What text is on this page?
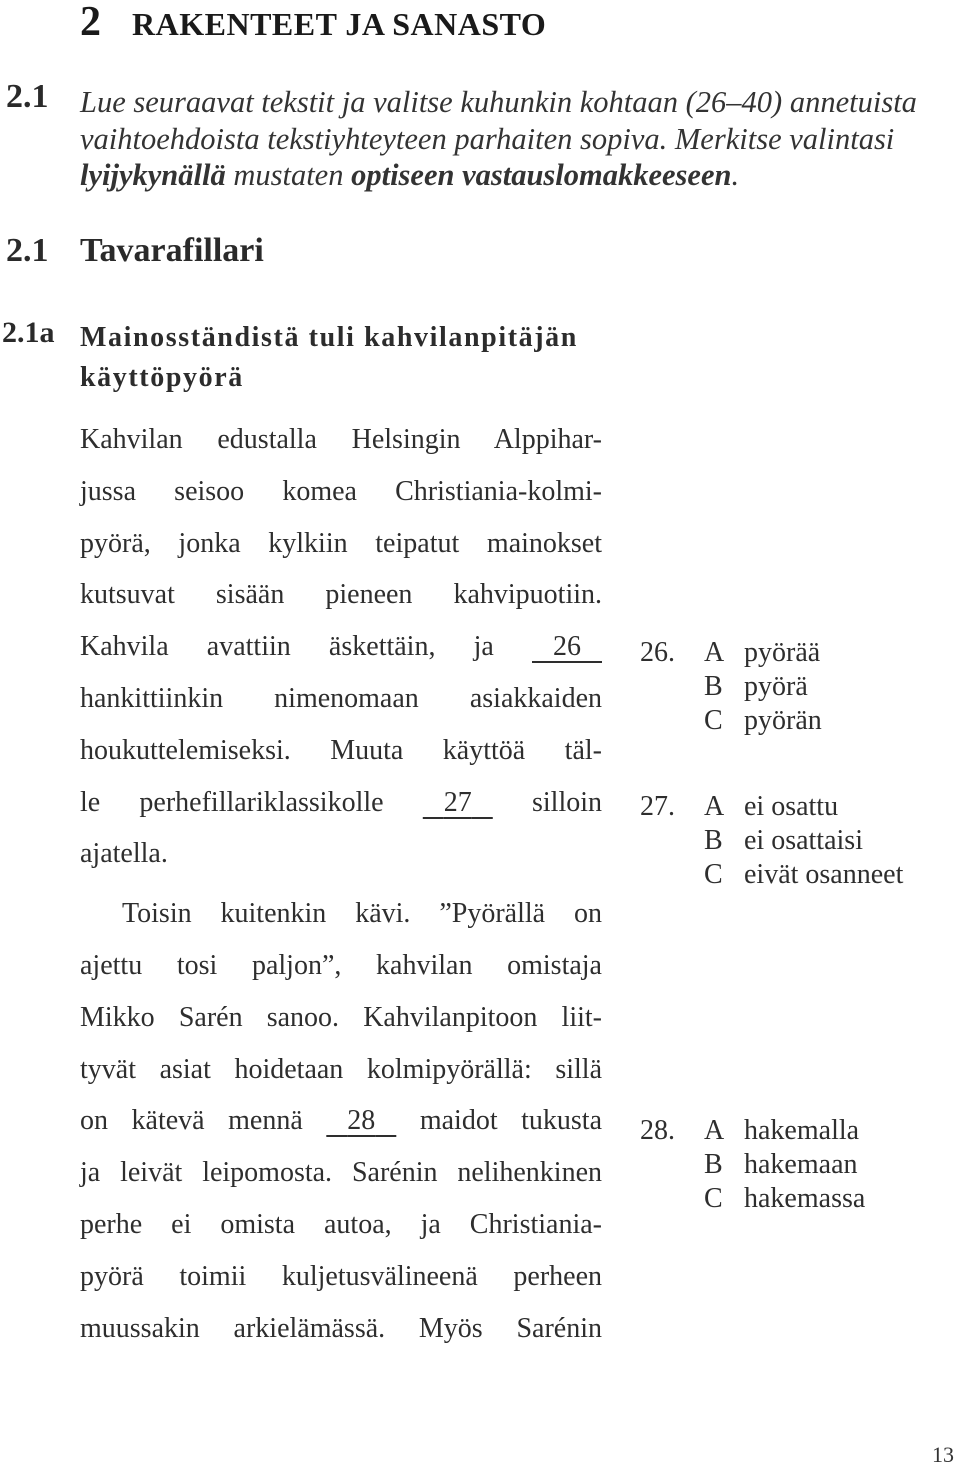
2 RAKENTEET JA SANASTO
2.1 Lue seuraavat tekstit ja valitse kuhunkin kohtaan (26–40) annetuista vaihtoehdoista tekstiyhteyteen parhaiten sopiva. Merkitse valintasi lyijykynällä mustaten optiseen vastauslomakkeeseen.
2.1 Tavarafillari
2.1a Mainosständistä tuli kahvilanpitäjän käyttöpyörä
Kahvilan edustalla Helsingin Alppihar-
jussa seisoo komea Christiania-kolmi-
pyörä, jonka kylkiin teipatut mainokset
kutsuvat sisään pieneen kahvipuotiin.
Kahvila avattiin äskettäin, ja 26
hankittiinkin nimenomaan asiakkaiden
houkuttelemiseksi. Muuta käyttöä täl-
le perhefillariklassikolle 27 silloin
ajatella.
Toisin kuitenkin kävi. ”Pyörällä on
ajettu tosi paljon”, kahvilan omistaja
Mikko Sarén sanoo. Kahvilanpitoon liit-
tyvät asiat hoidetaan kolmipyörällä: sillä
on kätevä mennä 28 maidot tukusta
ja leivät leipomosta. Sarénin nelihenkinen
perhe ei omista autoa, ja Christiania-
pyörä toimii kuljetusvälineenä perheen
muussakin arkielämässä. Myös Sarénin
26. A pyörää
B pyörä
C pyörän
27. A ei osattu
B ei osattaisi
C eivät osanneet
28. A hakemalla
B hakemaan
C hakemassa
13
